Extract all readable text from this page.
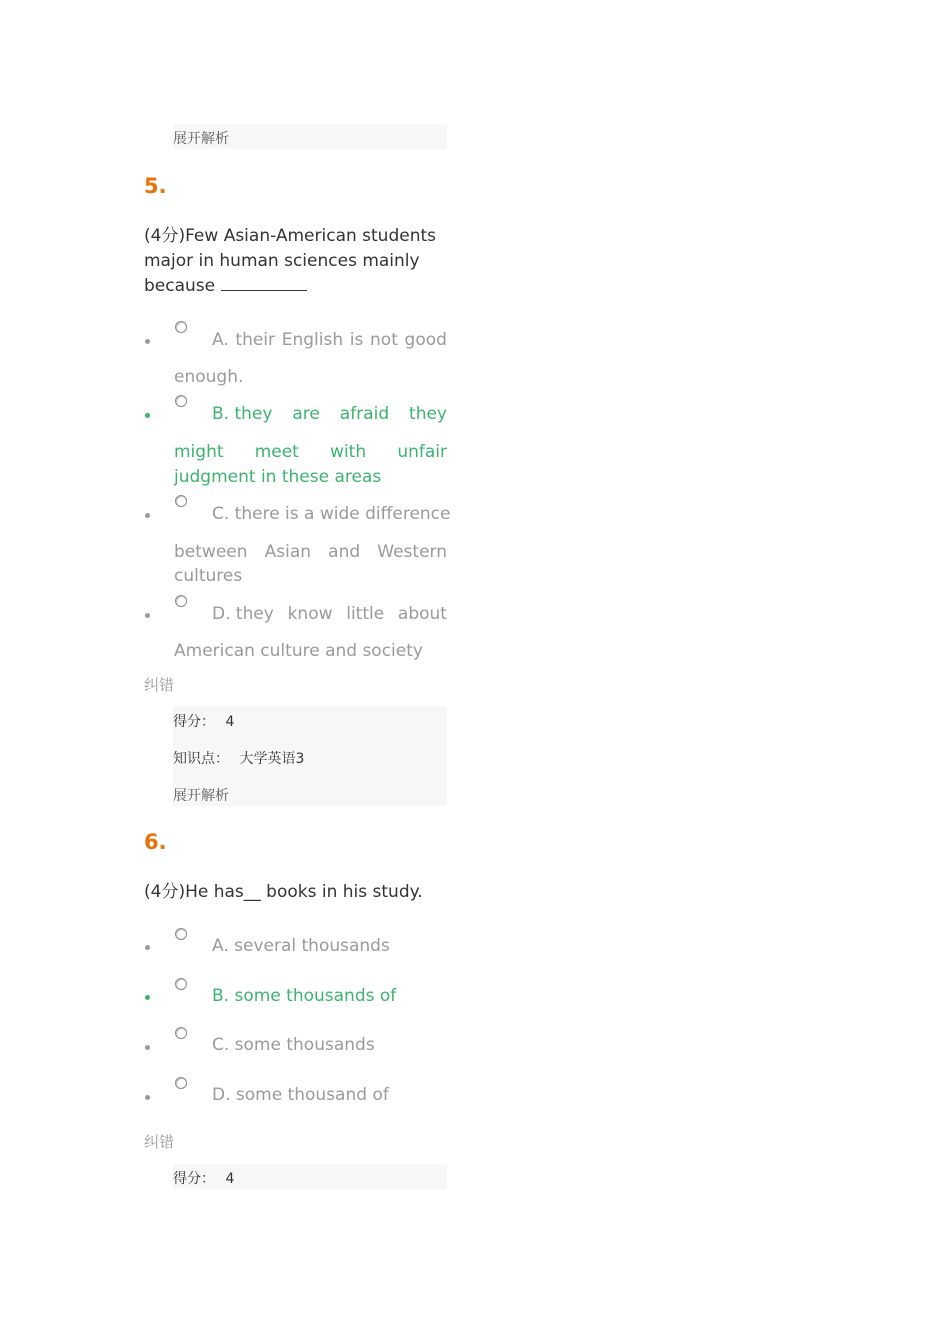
展开解析
5.
(4分)Few Asian-American students
major in human sciences mainly
because
A. their English is not good
enough.
B. they are afraid they
might meet with unfair
judgment in these areas
C. there is a wide difference
between Asian and Western
cultures
D. they know little about
American culture and society
纠错
得分： 4
知识点： 大学英语3
展开解析
6.
(4分)He has__ books in his study.
A. several thousands
B. some thousands of
C. some thousands
D. some thousand of
纠错
得分： 4
